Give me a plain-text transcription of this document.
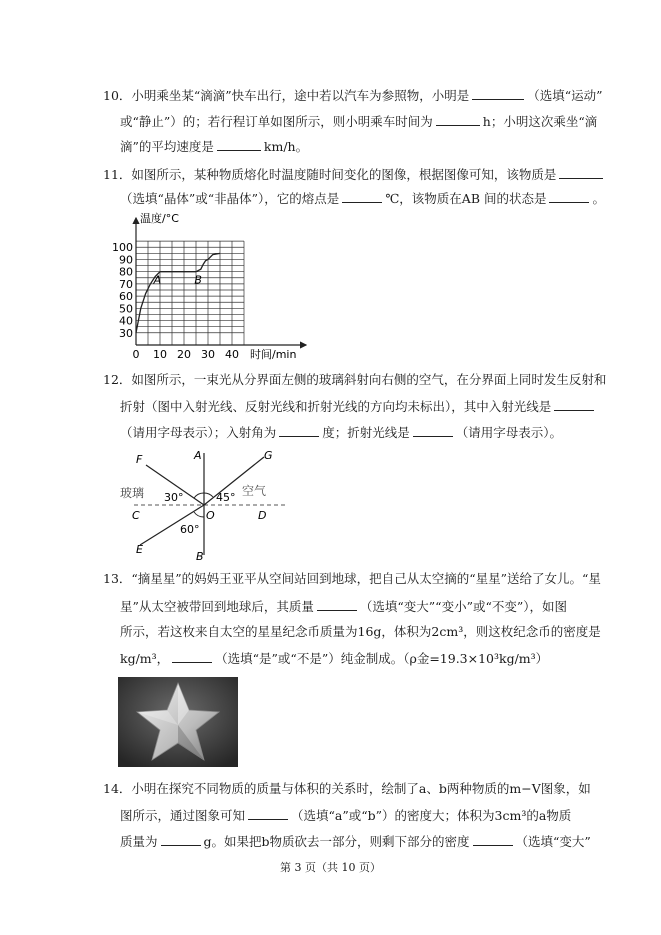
10．小明乘坐某“滴滴”快车出行，途中若以汽车为参照物，小明是	（选填“运动”
或“静止”）的；若行程订单如图所示，则小明乘车时间为	h；小明这次乘坐“滴
滴”的平均速度是	km/h。
11．如图所示，某种物质熔化时温度随时间变化的图像，根据图像可知，该物质是
（选填“晶体”或“非晶体”），它的熔点是	℃，该物质在AB 间的状态是	。
30
40
50
60
70
80
90
100
0 10 20 30 40
A	B
温度/°C
时间/min
12．如图所示，一束光从分界面左侧的玻璃斜射向右侧的空气，在分界面上同时发生反射和
折射（图中入射光线、反射光线和折射光线的方向均未标出），其中入射光线是
（请用字母表示）；入射角为	度；折射光线是	（请用字母表示）。
F	A	G
C	O	D
E
B
玻璃	空气
30°	45°
60°
13．“摘星星”的妈妈王亚平从空间站回到地球，把自己从太空摘的“星星”送给了女儿。“星
星”从太空被带回到地球后，其质量	（选填“变大”“变小”或“不变”），如图
所示，若这枚来自太空的星星纪念币质量为16g，体积为2cm³，则这枚纪念币的密度是
kg/m³，	（选填“是”或“不是”）纯金制成。（ρ金=19.3×10³kg/m³）
14．小明在探究不同物质的质量与体积的关系时，绘制了a、b两种物质的m−V图象，如
图所示，通过图象可知	（选填“a”或“b”）的密度大；体积为3cm³的a物质
质量为	g。如果把b物质砍去一部分，则剩下部分的密度	（选填“变大”
第 3 页（共 10 页）
